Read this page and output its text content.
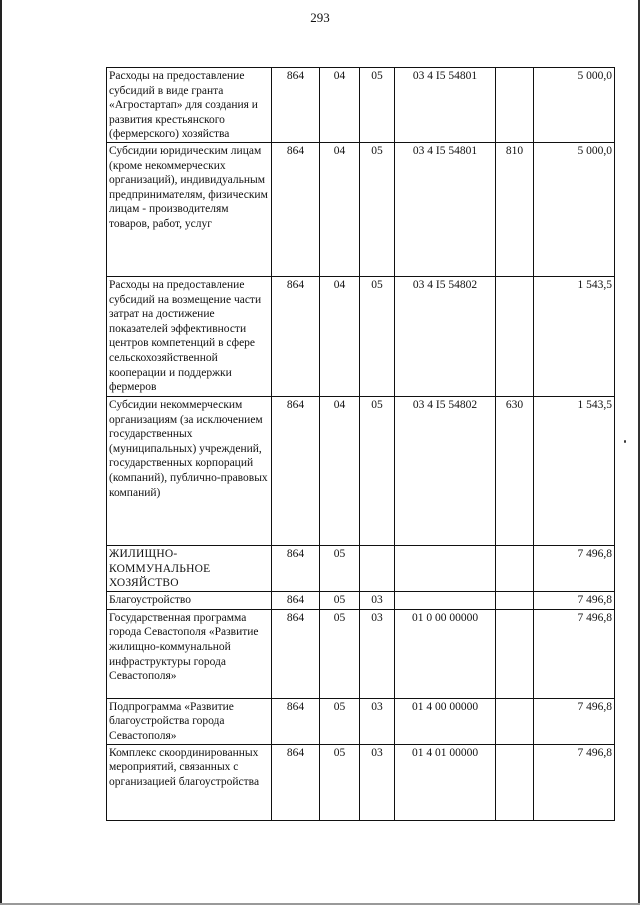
293
Расходы на предоставление субсидий в виде гранта «Агростартап» для создания и развития крестьянского (фермерского) хозяйства	864	04	05	03 4 I5 54801		5 000,0
Субсидии юридическим лицам (кроме некоммерческих организаций), индивидуальным предпринимателям, физическим лицам - производителям товаров, работ, услуг	864	04	05	03 4 I5 54801	810	5 000,0
Расходы на предоставление субсидий на возмещение части затрат на достижение показателей эффективности центров компетенций в сфере сельскохозяйственной кооперации и поддержки фермеров	864	04	05	03 4 I5 54802		1 543,5
Субсидии некоммерческим организациям (за исключением государственных (муниципальных) учреждений, государственных корпораций (компаний), публично-правовых компаний)	864	04	05	03 4 I5 54802	630	1 543,5
ЖИЛИЩНО-КОММУНАЛЬНОЕ ХОЗЯЙСТВО	864	05				7 496,8
Благоустройство	864	05	03			7 496,8
Государственная программа города Севастополя «Развитие жилищно-коммунальной инфраструктуры города Севастополя»	864	05	03	01 0 00 00000		7 496,8
Подпрограмма «Развитие благоустройства города Севастополя»	864	05	03	01 4 00 00000		7 496,8
Комплекс скоординированных мероприятий, связанных с организацией благоустройства	864	05	03	01 4 01 00000		7 496,8
